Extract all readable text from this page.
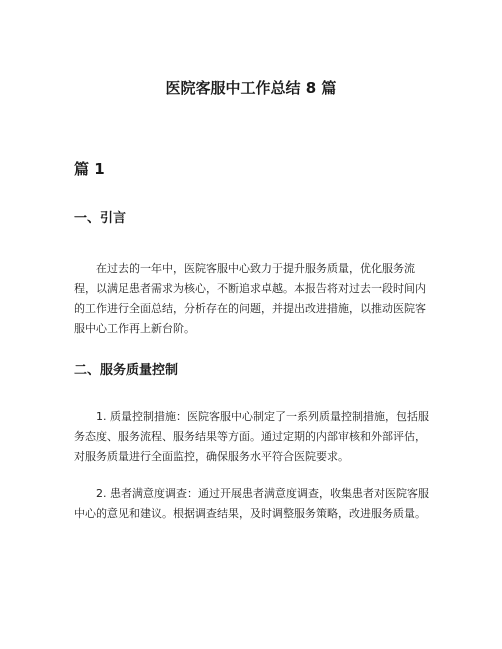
医院客服中工作总结 8 篇
篇 1
一、引言

在过去的一年中，医院客服中心致力于提升服务质量，优化服务流程，以满足患者需求为核心，不断追求卓越。本报告将对过去一段时间内的工作进行全面总结，分析存在的问题，并提出改进措施，以推动医院客服中心工作再上新台阶。

二、服务质量控制

1. 质量控制措施：医院客服中心制定了一系列质量控制措施，包括服务态度、服务流程、服务结果等方面。通过定期的内部审核和外部评估，对服务质量进行全面监控，确保服务水平符合医院要求。

2. 患者满意度调查：通过开展患者满意度调查，收集患者对医院客服中心的意见和建议。根据调查结果，及时调整服务策略，改进服务质量。
